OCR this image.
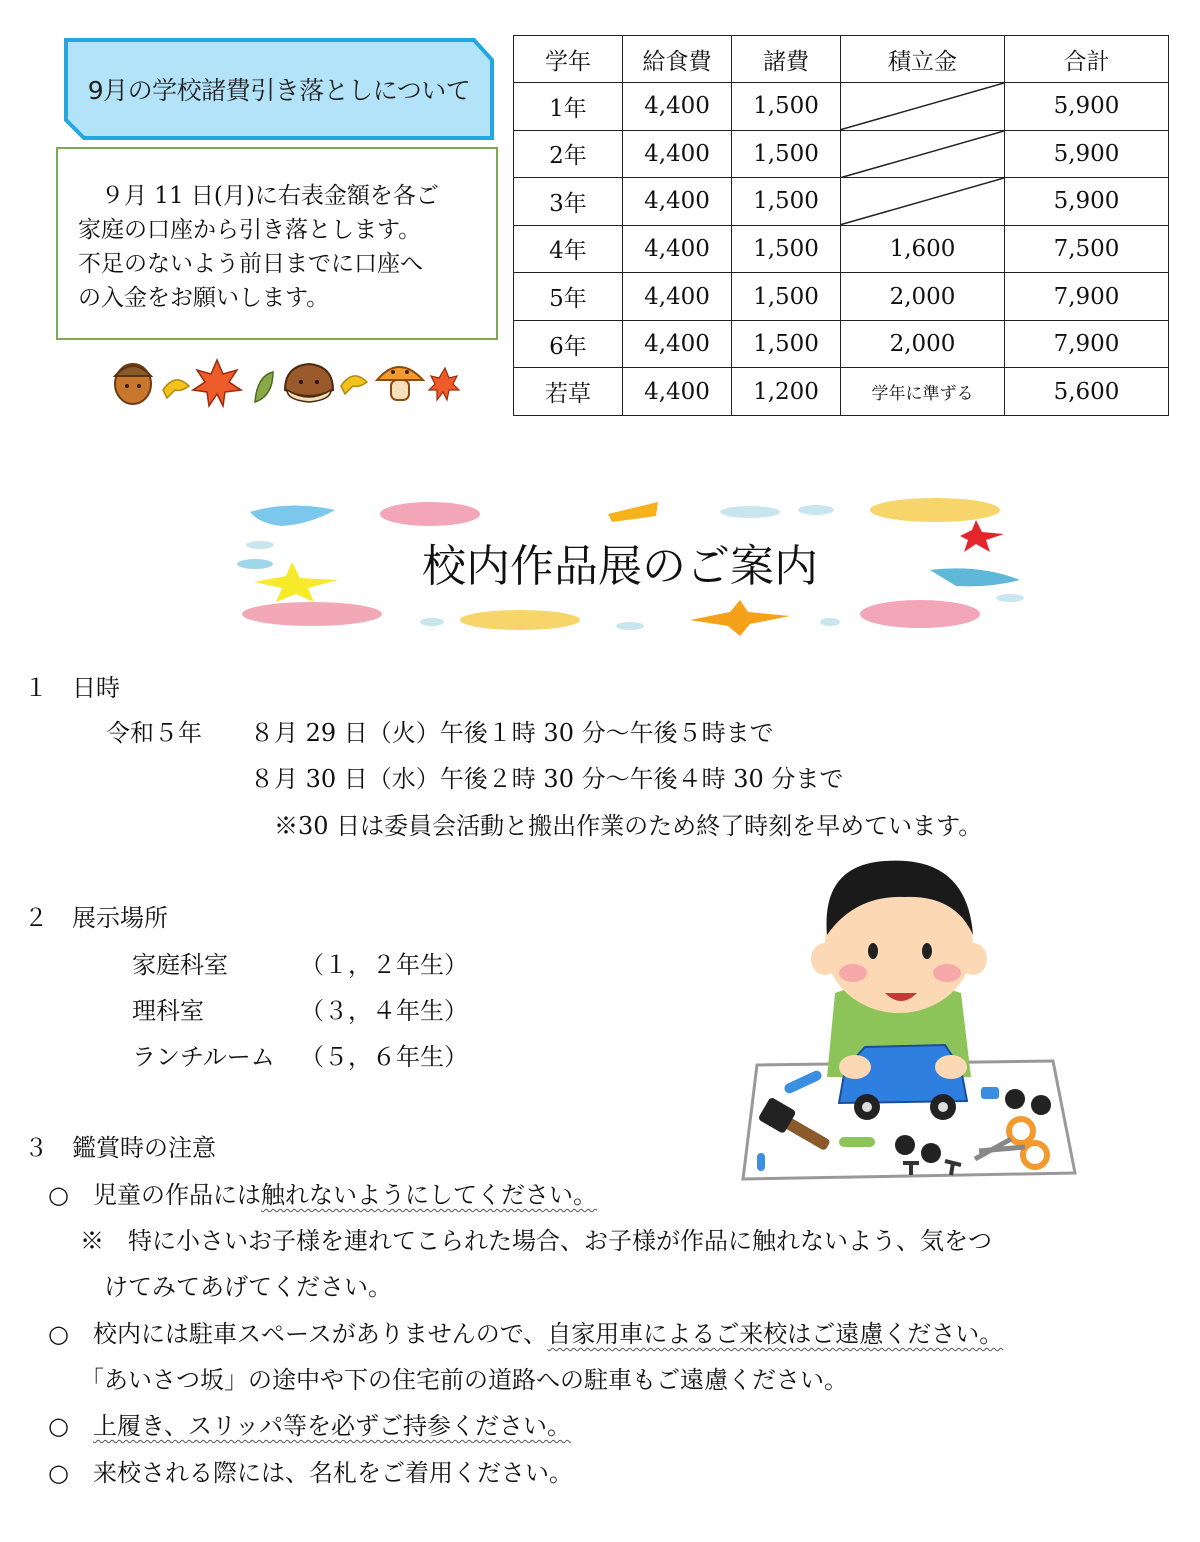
9月の学校諸費引き落としについて

　９月 11 日(月)に右表金額を各ご

家庭の口座から引き落とします。

不足のないよう前日までに口座へ

の入金をお願いします。

学年	給食費	諸費	積立金	合計
1年	4,400	1,500		5,900
2年	4,400	1,500		5,900
3年	4,400	1,500		5,900
4年	4,400	1,500	1,600	7,500
5年	4,400	1,500	2,000	7,900
6年	4,400	1,500	2,000	7,900
若草	4,400	1,200	学年に準ずる	5,600
校内作品展のご案内
１　日時
令和５年 ８月 29 日（火）午後１時 30 分～午後５時まで
８月 30 日（水）午後２時 30 分～午後４時 30 分まで
※30 日は委員会活動と搬出作業のため終了時刻を早めています。
２　展示場所
家庭科室	（１，２年生）
理科室	（３，４年生）
ランチルーム （５，６年生）
３　鑑賞時の注意
○　児童の作品には触れないようにしてください。
※　特に小さいお子様を連れてこられた場合、お子様が作品に触れないよう、気をつ
けてみてあげてください。
○　校内には駐車スペースがありませんので、自家用車によるご来校はご遠慮ください。
「あいさつ坂」の途中や下の住宅前の道路への駐車もご遠慮ください。
○　上履き、スリッパ等を必ずご持参ください。
○　来校される際には、名札をご着用ください。
